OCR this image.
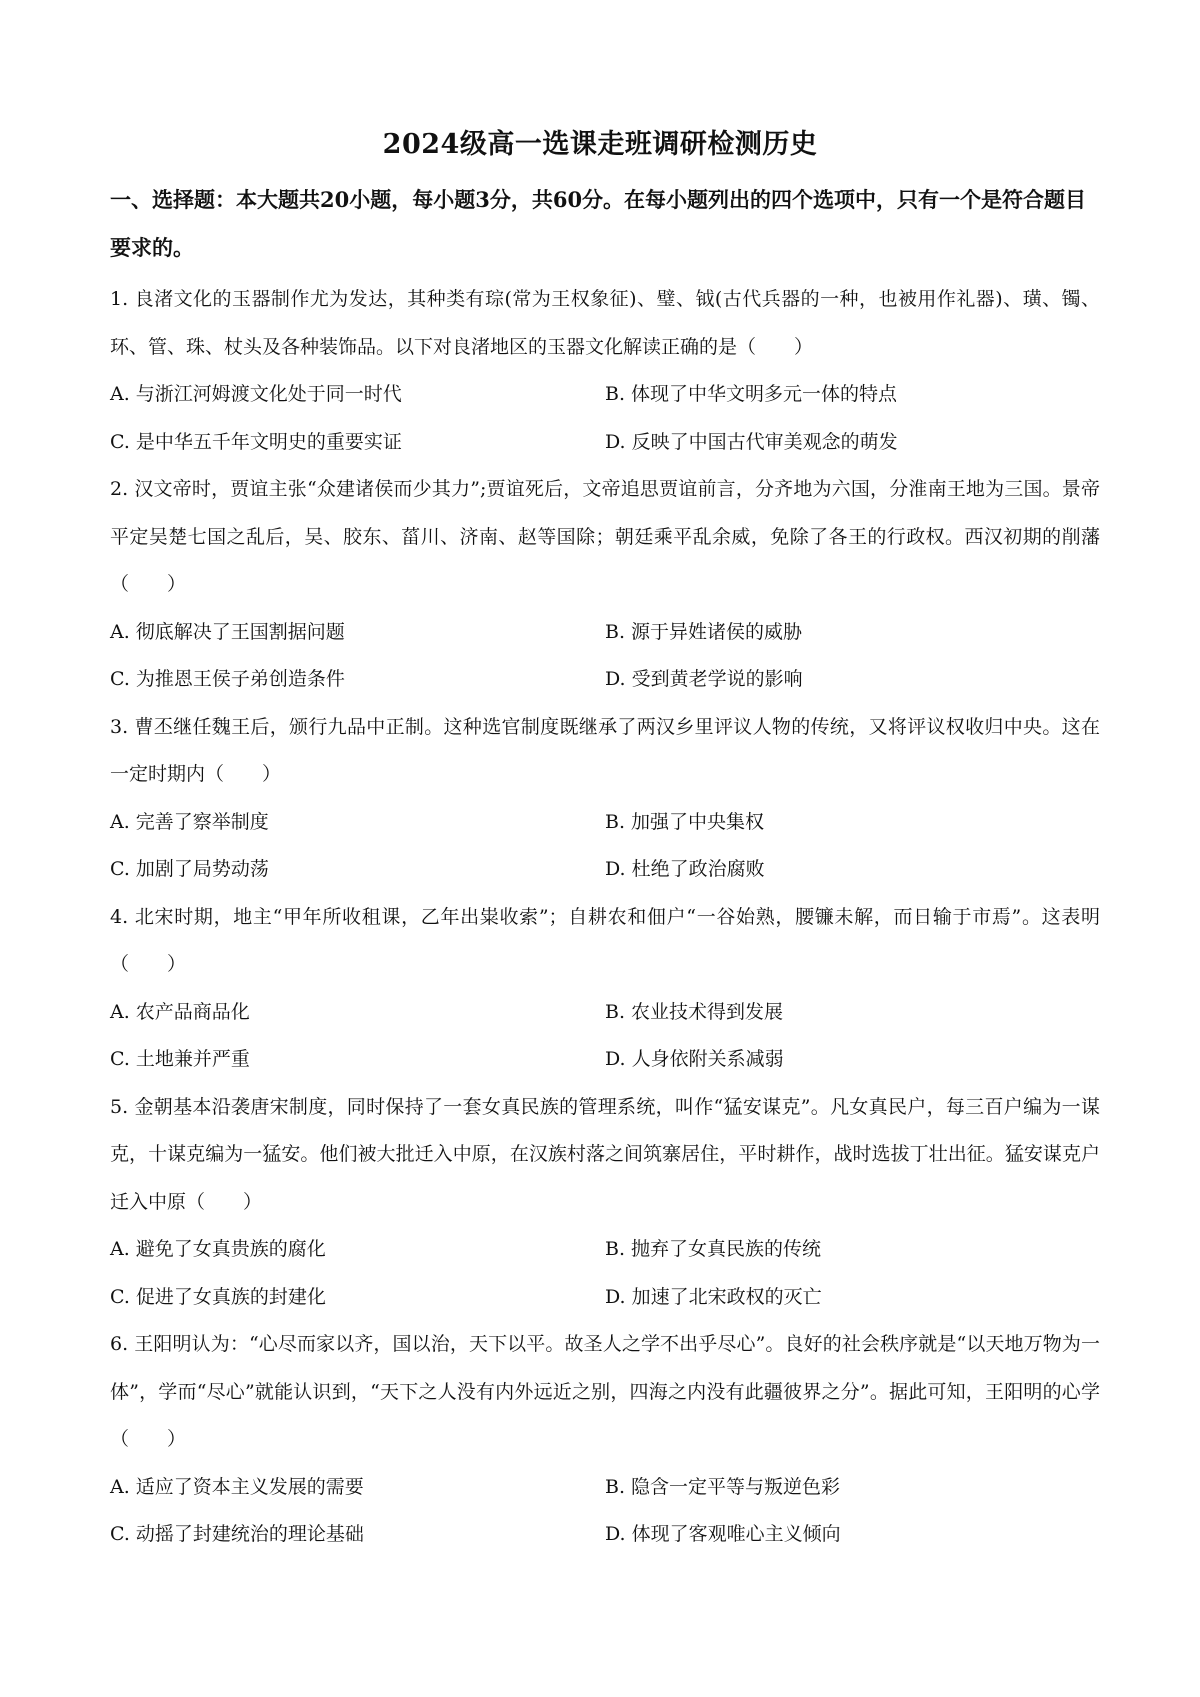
2024级高一选课走班调研检测历史
一、选择题：本大题共20小题，每小题3分，共60分。在每小题列出的四个选项中，只有一个是符合题目要求的。

1. 良渚文化的玉器制作尤为发达，其种类有琮(常为王权象征)、璧、钺(古代兵器的一种，也被用作礼器)、璜、镯、环、管、珠、杖头及各种装饰品。以下对良渚地区的玉器文化解读正确的是（　　）

A. 与浙江河姆渡文化处于同一时代	B. 体现了中华文明多元一体的特点
C. 是中华五千年文明史的重要实证	D. 反映了中国古代审美观念的萌发

2. 汉文帝时，贾谊主张“众建诸侯而少其力”;贾谊死后，文帝追思贾谊前言，分齐地为六国，分淮南王地为三国。景帝平定吴楚七国之乱后，吴、胶东、菑川、济南、赵等国除；朝廷乘平乱余威，免除了各王的行政权。西汉初期的削藩（　　）

A. 彻底解决了王国割据问题	B. 源于异姓诸侯的威胁
C. 为推恩王侯子弟创造条件	D. 受到黄老学说的影响

3. 曹丕继任魏王后，颁行九品中正制。这种选官制度既继承了两汉乡里评议人物的传统，又将评议权收归中央。这在一定时期内（　　）

A. 完善了察举制度	B. 加强了中央集权
C. 加剧了局势动荡	D. 杜绝了政治腐败

4. 北宋时期，地主“甲年所收租课，乙年出粜收索”；自耕农和佃户“一谷始熟，腰镰未解，而日输于市焉”。这表明（　　）

A. 农产品商品化	B. 农业技术得到发展
C. 土地兼并严重	D. 人身依附关系减弱

5. 金朝基本沿袭唐宋制度，同时保持了一套女真民族的管理系统，叫作“猛安谋克”。凡女真民户，每三百户编为一谋克，十谋克编为一猛安。他们被大批迁入中原，在汉族村落之间筑寨居住，平时耕作，战时选拔丁壮出征。猛安谋克户迁入中原（　　）

A. 避免了女真贵族的腐化	B. 抛弃了女真民族的传统
C. 促进了女真族的封建化	D. 加速了北宋政权的灭亡

6. 王阳明认为：“心尽而家以齐，国以治，天下以平。故圣人之学不出乎尽心”。良好的社会秩序就是“以天地万物为一体”，学而“尽心”就能认识到，“天下之人没有内外远近之别，四海之内没有此疆彼界之分”。据此可知，王阳明的心学（　　）

A. 适应了资本主义发展的需要	B. 隐含一定平等与叛逆色彩
C. 动摇了封建统治的理论基础	D. 体现了客观唯心主义倾向
